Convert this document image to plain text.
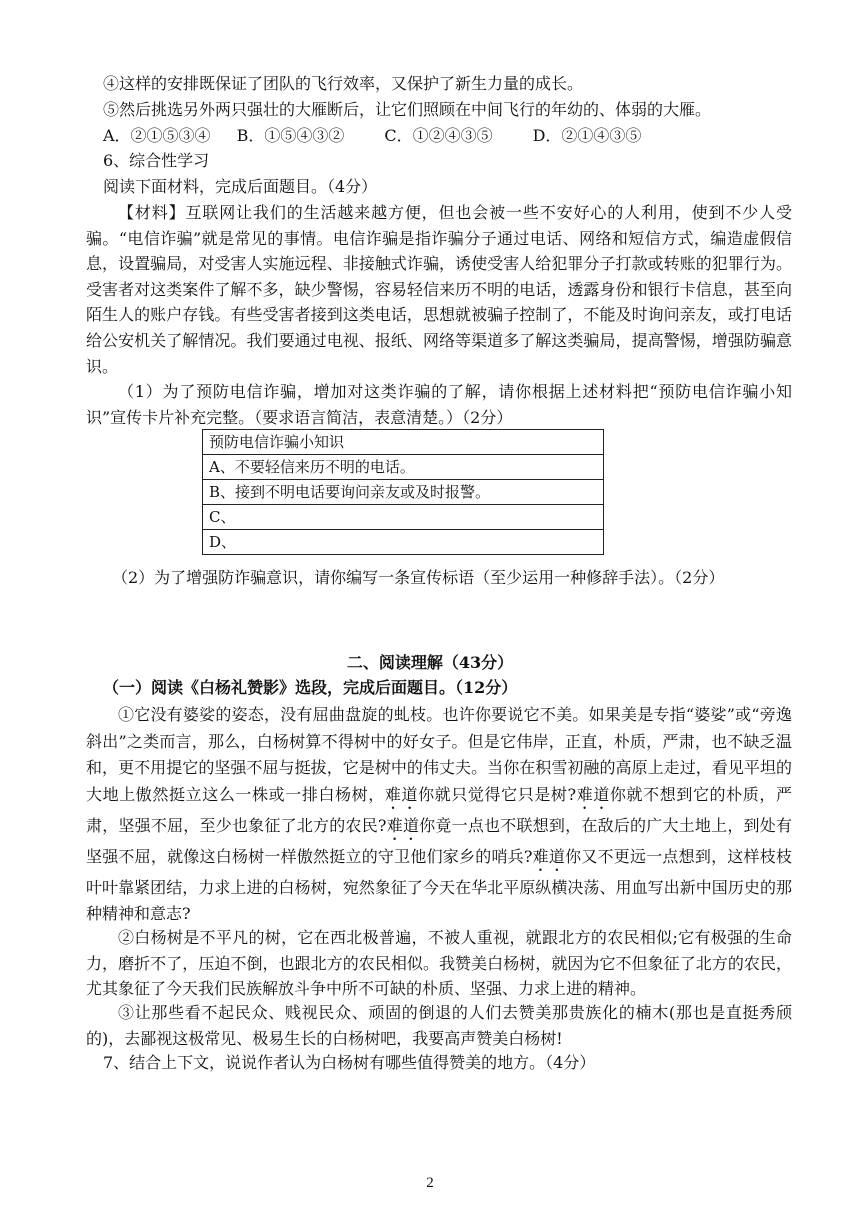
④这样的安排既保证了团队的飞行效率，又保护了新生力量的成长。
⑤然后挑选另外两只强壮的大雁断后，让它们照顾在中间飞行的年幼的、体弱的大雁。
A．②①⑤③④ B．①⑤④③②	C．①②④③⑤	D．②①④③⑤
6、综合性学习
阅读下面材料，完成后面题目。（4分）

【材料】互联网让我们的生活越来越方便，但也会被一些不安好心的人利用，使到不少人受骗。“电信诈骗”就是常见的事情。电信诈骗是指诈骗分子通过电话、网络和短信方式，编造虚假信息，设置骗局，对受害人实施远程、非接触式诈骗，诱使受害人给犯罪分子打款或转账的犯罪行为。受害者对这类案件了解不多，缺少警惕，容易轻信来历不明的电话，透露身份和银行卡信息，甚至向陌生人的账户存钱。有些受害者接到这类电话，思想就被骗子控制了，不能及时询问亲友，或打电话给公安机关了解情况。我们要通过电视、报纸、网络等渠道多了解这类骗局，提高警惕，增强防骗意识。

（1）为了预防电信诈骗，增加对这类诈骗的了解，请你根据上述材料把“预防电信诈骗小知识”宣传卡片补充完整。（要求语言简洁，表意清楚。）（2分）

预防电信诈骗小知识
A、不要轻信来历不明的电话。
B、接到不明电话要询问亲友或及时报警。
C、
D、
（2）为了增强防诈骗意识，请你编写一条宣传标语（至少运用一种修辞手法）。（2分）
二、阅读理解（43分）
（一）阅读《白杨礼赞影》选段，完成后面题目。（12分）

①它没有婆娑的姿态，没有屈曲盘旋的虬枝。也许你要说它不美。如果美是专指“婆娑”或“旁逸斜出”之类而言，那么，白杨树算不得树中的好女子。但是它伟岸，正直，朴质，严肃，也不缺乏温和，更不用提它的坚强不屈与挺拔，它是树中的伟丈夫。当你在积雪初融的高原上走过，看见平坦的大地上傲然挺立这么一株或一排白杨树，难道你就只觉得它只是树?难道你就不想到它的朴质，严肃，坚强不屈，至少也象征了北方的农民?难道你竟一点也不联想到，在敌后的广大土地上，到处有坚强不屈，就像这白杨树一样傲然挺立的守卫他们家乡的哨兵?难道你又不更远一点想到，这样枝枝叶叶靠紧团结，力求上进的白杨树，宛然象征了今天在华北平原纵横决荡、用血写出新中国历史的那种精神和意志?

②白杨树是不平凡的树，它在西北极普遍，不被人重视，就跟北方的农民相似;它有极强的生命力，磨折不了，压迫不倒，也跟北方的农民相似。我赞美白杨树，就因为它不但象征了北方的农民，尤其象征了今天我们民族解放斗争中所不可缺的朴质、坚强、力求上进的精神。

③让那些看不起民众、贱视民众、顽固的倒退的人们去赞美那贵族化的楠木(那也是直挺秀颀的)，去鄙视这极常见、极易生长的白杨树吧，我要高声赞美白杨树!

7、结合上下文，说说作者认为白杨树有哪些值得赞美的地方。（4分）
2
